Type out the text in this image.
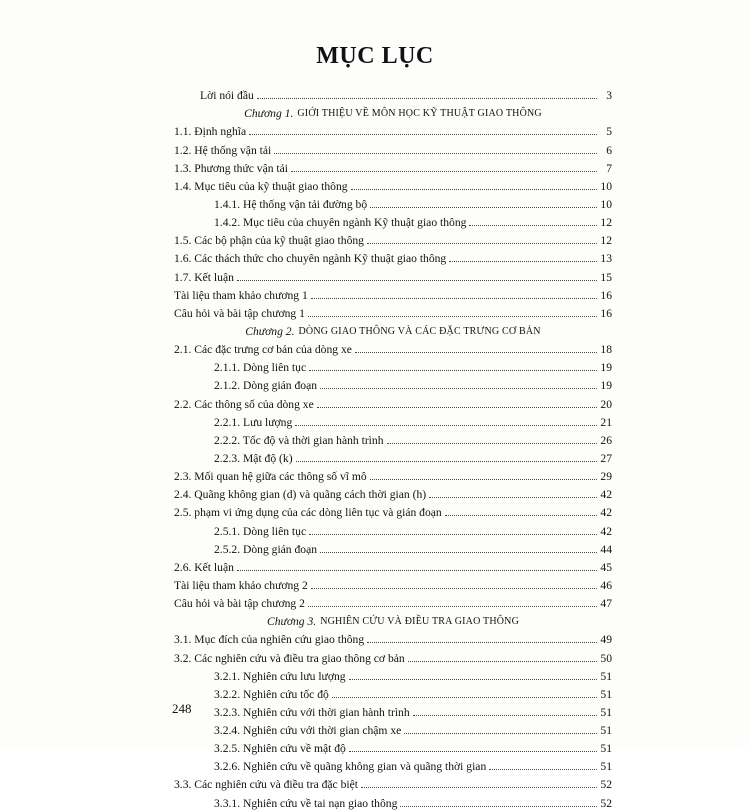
MỤC LỤC
Lời nói đầu	3
Chương 1. GIỚI THIỆU VỀ MÔN HỌC KỸ THUẬT GIAO THÔNG
1.1. Định nghĩa	5
1.2. Hệ thống vận tải	6
1.3. Phương thức vận tải	7
1.4. Mục tiêu của kỹ thuật giao thông	10
1.4.1. Hệ thống vận tải đường bộ	10
1.4.2. Mục tiêu của chuyên ngành Kỹ thuật giao thông	12
1.5. Các bộ phận của kỹ thuật giao thông	12
1.6. Các thách thức cho chuyên ngành Kỹ thuật giao thông	13
1.7. Kết luận	15
Tài liệu tham khảo chương 1	16
Câu hỏi và bài tập chương 1	16
Chương 2. DÒNG GIAO THÔNG VÀ CÁC ĐẶC TRƯNG CƠ BẢN
2.1. Các đặc trưng cơ bản của dòng xe	18
2.1.1. Dòng liên tục	19
2.1.2. Dòng gián đoạn	19
2.2. Các thông số của dòng xe	20
2.2.1. Lưu lượng	21
2.2.2. Tốc độ và thời gian hành trình	26
2.2.3. Mật độ (k)	27
2.3. Mối quan hệ giữa các thông số vĩ mô	29
2.4. Quãng không gian (d) và quãng cách thời gian (h)	42
2.5. phạm vi ứng dụng của các dòng liên tục và gián đoạn	42
2.5.1. Dòng liên tục	42
2.5.2. Dòng gián đoạn	44
2.6. Kết luận	45
Tài liệu tham khảo chương 2	46
Câu hỏi và bài tập chương 2	47
Chương 3. NGHIÊN CỨU VÀ ĐIỀU TRA GIAO THÔNG
3.1. Mục đích của nghiên cứu giao thông	49
3.2. Các nghiên cứu và điều tra giao thông cơ bản	50
3.2.1. Nghiên cứu lưu lượng	51
3.2.2. Nghiên cứu tốc độ	51
3.2.3. Nghiên cứu với thời gian hành trình	51
3.2.4. Nghiên cứu với thời gian chậm xe	51
3.2.5. Nghiên cứu về mật độ	51
3.2.6. Nghiên cứu về quãng không gian và quãng thời gian	51
3.3. Các nghiên cứu và điều tra đặc biệt	52
3.3.1. Nghiên cứu về tai nạn giao thông	52
248
